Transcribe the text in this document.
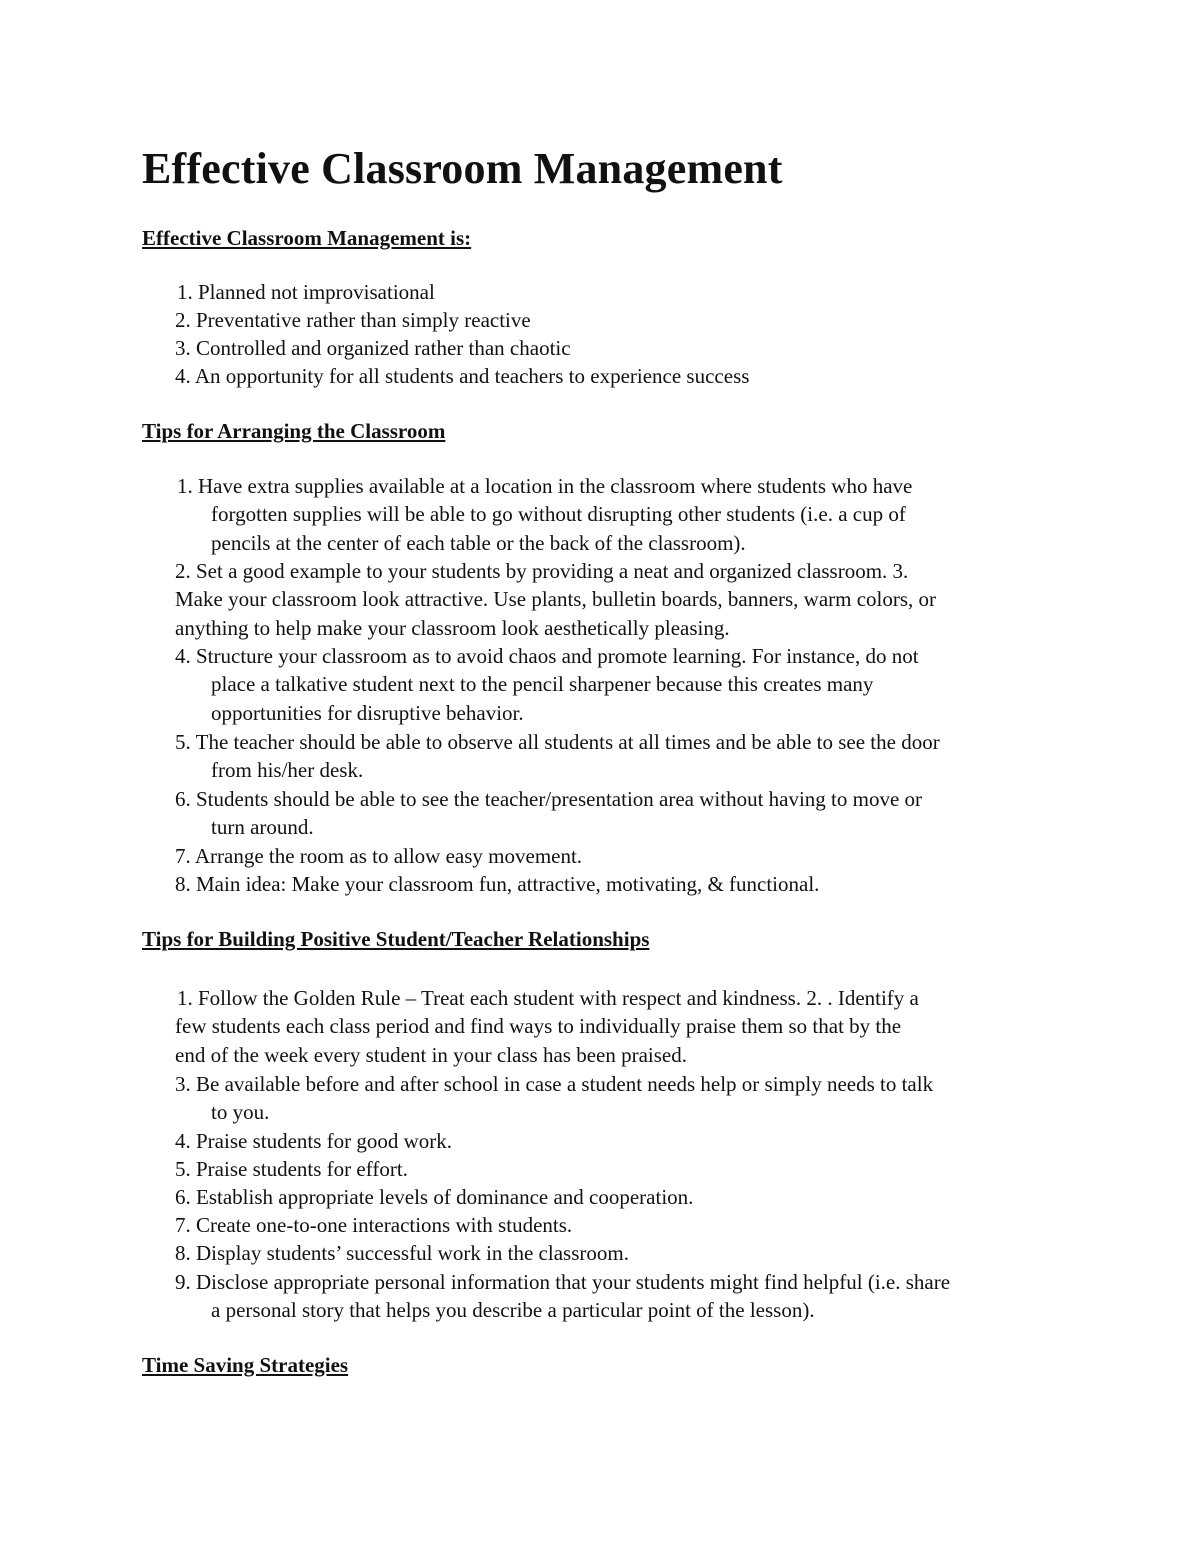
Effective Classroom Management
Effective Classroom Management is:
1. Planned not improvisational
2. Preventative rather than simply reactive
3. Controlled and organized rather than chaotic
4. An opportunity for all students and teachers to experience success
Tips for Arranging the Classroom
1. Have extra supplies available at a location in the classroom where students who have
forgotten supplies will be able to go without disrupting other students (i.e. a cup of
pencils at the center of each table or the back of the classroom).
2. Set a good example to your students by providing a neat and organized classroom. 3.
Make your classroom look attractive. Use plants, bulletin boards, banners, warm colors, or
anything to help make your classroom look aesthetically pleasing.
4. Structure your classroom as to avoid chaos and promote learning. For instance, do not
place a talkative student next to the pencil sharpener because this creates many
opportunities for disruptive behavior.
5. The teacher should be able to observe all students at all times and be able to see the door
from his/her desk.
6. Students should be able to see the teacher/presentation area without having to move or
turn around.
7. Arrange the room as to allow easy movement.
8. Main idea: Make your classroom fun, attractive, motivating, & functional.
Tips for Building Positive Student/Teacher Relationships
1. Follow the Golden Rule – Treat each student with respect and kindness. 2. . Identify a
few students each class period and find ways to individually praise them so that by the
end of the week every student in your class has been praised.
3. Be available before and after school in case a student needs help or simply needs to talk
to you.
4. Praise students for good work.
5. Praise students for effort.
6. Establish appropriate levels of dominance and cooperation.
7. Create one-to-one interactions with students.
8. Display students’ successful work in the classroom.
9. Disclose appropriate personal information that your students might find helpful (i.e. share
a personal story that helps you describe a particular point of the lesson).
Time Saving Strategies
